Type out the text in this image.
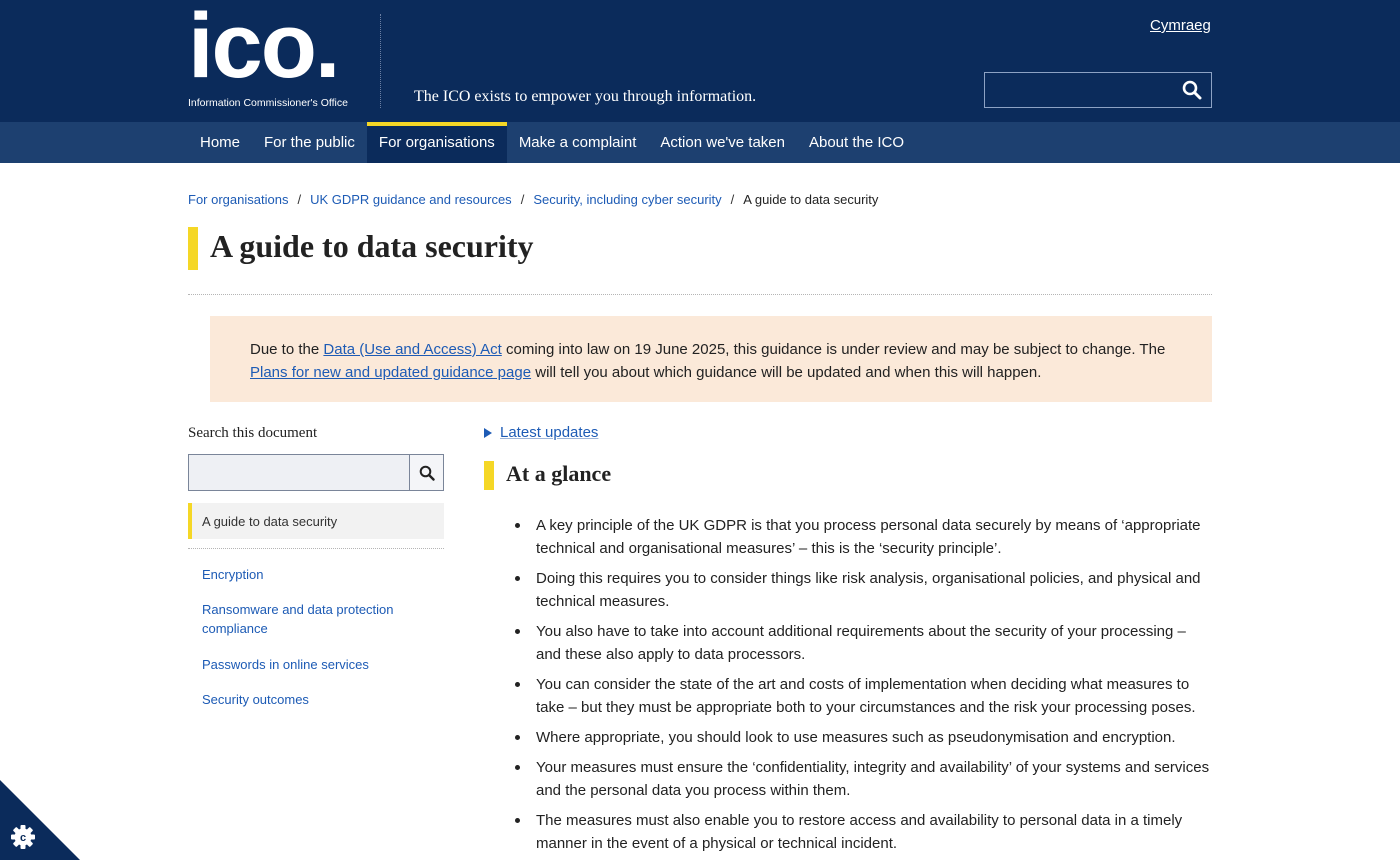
ico.
Information Commissioner's Office	The ICO exists to empower you through information.
Cymraeg
Home	For the public	For organisations	Make a complaint	Action we've taken	About the ICO
For organisations / UK GDPR guidance and resources / Security, including cyber security / A guide to data security
A guide to data security
Due to the Data (Use and Access) Act coming into law on 19 June 2025, this guidance is under review and may be subject to change. The Plans for new and updated guidance page will tell you about which guidance will be updated and when this will happen.
Search this document
A guide to data security
Encryption
Ransomware and data protection compliance
Passwords in online services
Security outcomes
Latest updates
At a glance
A key principle of the UK GDPR is that you process personal data securely by means of ‘appropriate technical and organisational measures’ – this is the ‘security principle’.
Doing this requires you to consider things like risk analysis, organisational policies, and physical and technical measures.
You also have to take into account additional requirements about the security of your processing – and these also apply to data processors.
You can consider the state of the art and costs of implementation when deciding what measures to take – but they must be appropriate both to your circumstances and the risk your processing poses.
Where appropriate, you should look to use measures such as pseudonymisation and encryption.
Your measures must ensure the ‘confidentiality, integrity and availability’ of your systems and services and the personal data you process within them.
The measures must also enable you to restore access and availability to personal data in a timely manner in the event of a physical or technical incident.
c
